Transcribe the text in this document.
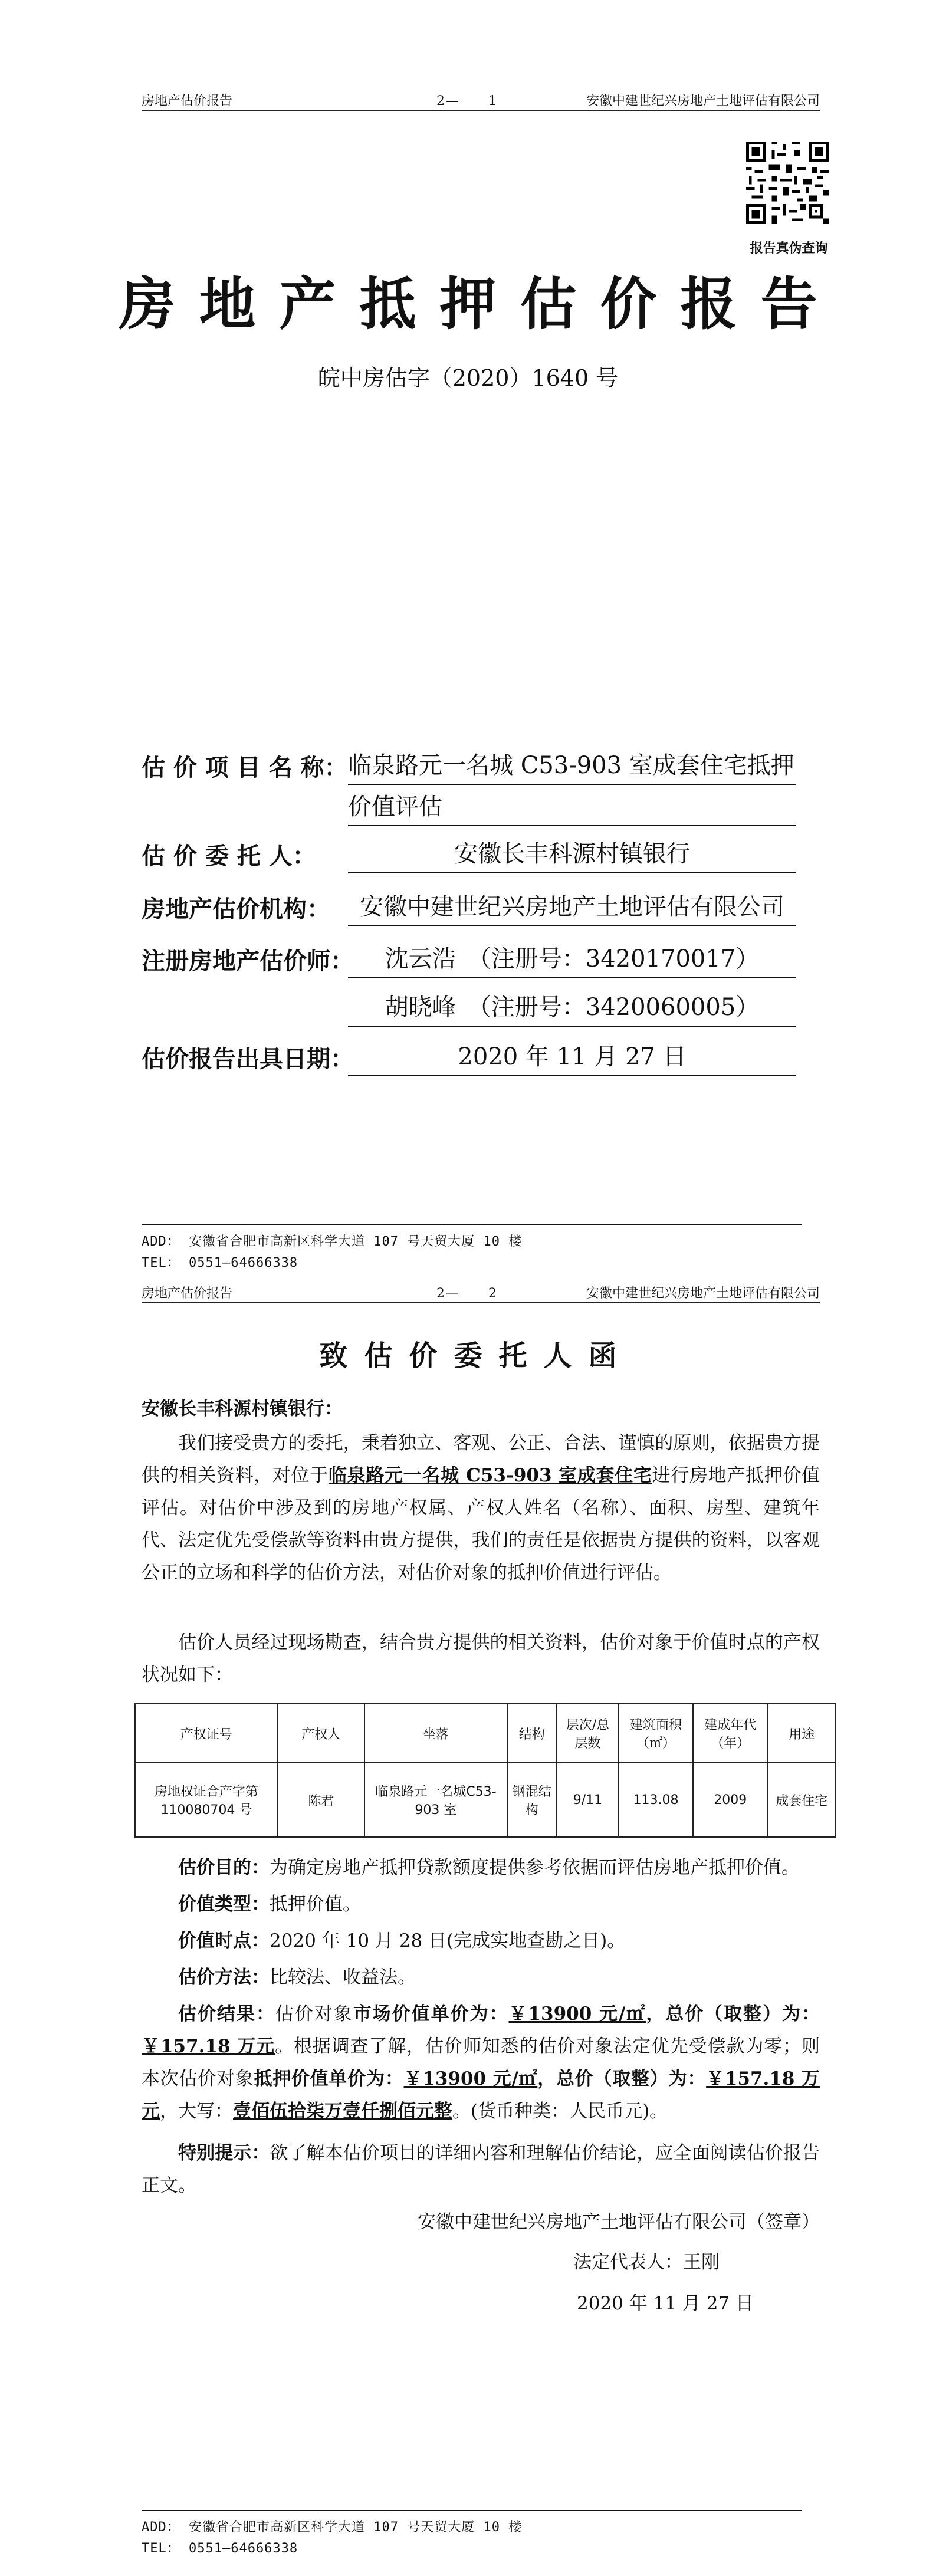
房地产估价报告	2—　　1	安徽中建世纪兴房地产土地评估有限公司
报告真伪查询
房地产抵押估价报告
皖中房估字（2020）1640 号
估 价 项 目 名 称： 临泉路元一名城 C53-903 室成套住宅抵押
价值评估
估 价 委 托 人：	安徽长丰科源村镇银行
房地产估价机构：	安徽中建世纪兴房地产土地评估有限公司
注册房地产估价师：	沈云浩　（注册号：3420170017）
胡晓峰　（注册号：3420060005）
估价报告出具日期：	2020 年 11 月 27 日
ADD： 安徽省合肥市高新区科学大道 107 号天贸大厦 10 楼
TEL： 0551—64666338
房地产估价报告	2—　　2	安徽中建世纪兴房地产土地评估有限公司
致估价委托人函
安徽长丰科源村镇银行：
我们接受贵方的委托，秉着独立、客观、公正、合法、谨慎的原则，依据贵方提供的相关资料，对位于临泉路元一名城 C53-903 室成套住宅进行房地产抵押价值评估。对估价中涉及到的房地产权属、产权人姓名（名称）、面积、房型、建筑年代、法定优先受偿款等资料由贵方提供，我们的责任是依据贵方提供的资料，以客观公正的立场和科学的估价方法，对估价对象的抵押价值进行评估。
估价人员经过现场勘查，结合贵方提供的相关资料，估价对象于价值时点的产权状况如下：
产权证号	产权人	坐落	结构	层次/总层数	建筑面积（㎡）	建成年代（年）	用途
房地权证合产字第110080704 号	陈君	临泉路元一名城C53-903 室	钢混结构	9/11	113.08	2009	成套住宅
估价目的：为确定房地产抵押贷款额度提供参考依据而评估房地产抵押价值。
价值类型：抵押价值。
价值时点：2020 年 10 月 28 日(完成实地查勘之日)。
估价方法：比较法、收益法。
估价结果：估价对象市场价值单价为：￥13900 元/㎡，总价（取整）为：￥157.18 万元。根据调查了解，估价师知悉的估价对象法定优先受偿款为零；则本次估价对象抵押价值单价为：￥13900 元/㎡，总价（取整）为：￥157.18 万元，大写：壹佰伍拾柒万壹仟捌佰元整。(货币种类：人民币元)。
特别提示：欲了解本估价项目的详细内容和理解估价结论，应全面阅读估价报告正文。
安徽中建世纪兴房地产土地评估有限公司（签章）
法定代表人：王刚
2020 年 11 月 27 日
ADD： 安徽省合肥市高新区科学大道 107 号天贸大厦 10 楼
TEL： 0551—64666338
